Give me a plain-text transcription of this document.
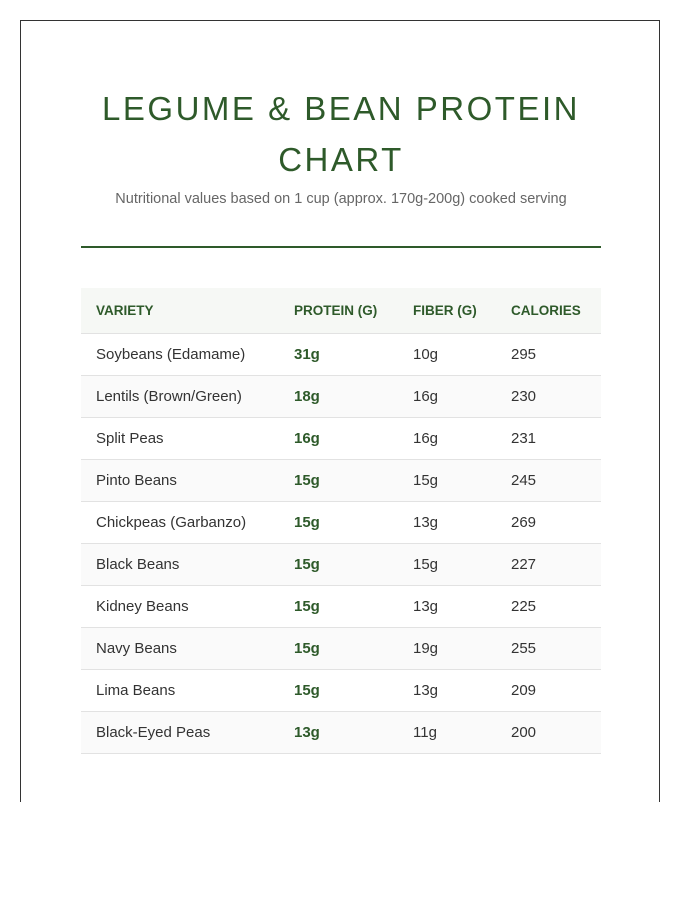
LEGUME & BEAN PROTEIN CHART

Nutritional values based on 1 cup (approx. 170g-200g) cooked serving

VARIETY	PROTEIN (G)	FIBER (G)	CALORIES
Soybeans (Edamame)	31g	10g	295
Lentils (Brown/Green)	18g	16g	230
Split Peas	16g	16g	231
Pinto Beans	15g	15g	245
Chickpeas (Garbanzo)	15g	13g	269
Black Beans	15g	15g	227
Kidney Beans	15g	13g	225
Navy Beans	15g	19g	255
Lima Beans	15g	13g	209
Black-Eyed Peas	13g	11g	200
